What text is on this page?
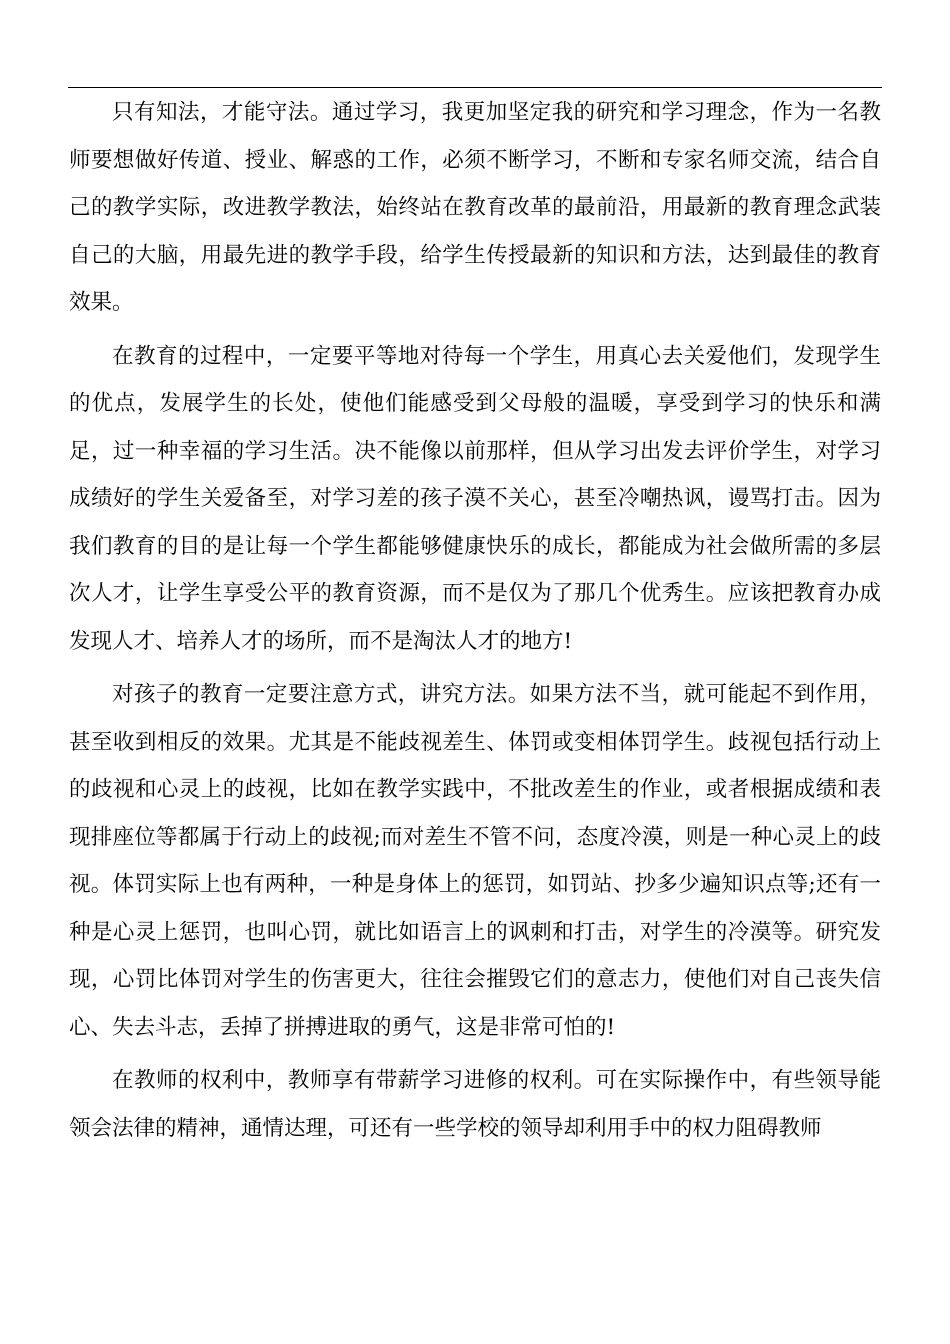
只有知法，才能守法。通过学习，我更加坚定我的研究和学习理念，作为一名教师要想做好传道、授业、解惑的工作，必须不断学习，不断和专家名师交流，结合自己的教学实际，改进教学教法，始终站在教育改革的最前沿，用最新的教育理念武装自己的大脑，用最先进的教学手段，给学生传授最新的知识和方法，达到最佳的教育效果。

在教育的过程中，一定要平等地对待每一个学生，用真心去关爱他们，发现学生的优点，发展学生的长处，使他们能感受到父母般的温暖，享受到学习的快乐和满足，过一种幸福的学习生活。决不能像以前那样，但从学习出发去评价学生，对学习成绩好的学生关爱备至，对学习差的孩子漠不关心，甚至冷嘲热讽，谩骂打击。因为我们教育的目的是让每一个学生都能够健康快乐的成长，都能成为社会做所需的多层次人才，让学生享受公平的教育资源，而不是仅为了那几个优秀生。应该把教育办成发现人才、培养人才的场所，而不是淘汰人才的地方!

对孩子的教育一定要注意方式，讲究方法。如果方法不当，就可能起不到作用，甚至收到相反的效果。尤其是不能歧视差生、体罚或变相体罚学生。歧视包括行动上的歧视和心灵上的歧视，比如在教学实践中，不批改差生的作业，或者根据成绩和表现排座位等都属于行动上的歧视;而对差生不管不问，态度冷漠，则是一种心灵上的歧视。体罚实际上也有两种，一种是身体上的惩罚，如罚站、抄多少遍知识点等;还有一种是心灵上惩罚，也叫心罚，就比如语言上的讽刺和打击，对学生的冷漠等。研究发现，心罚比体罚对学生的伤害更大，往往会摧毁它们的意志力，使他们对自己丧失信心、失去斗志，丢掉了拼搏进取的勇气，这是非常可怕的!

在教师的权利中，教师享有带薪学习进修的权利。可在实际操作中，有些领导能领会法律的精神，通情达理，可还有一些学校的领导却利用手中的权力阻碍教师
